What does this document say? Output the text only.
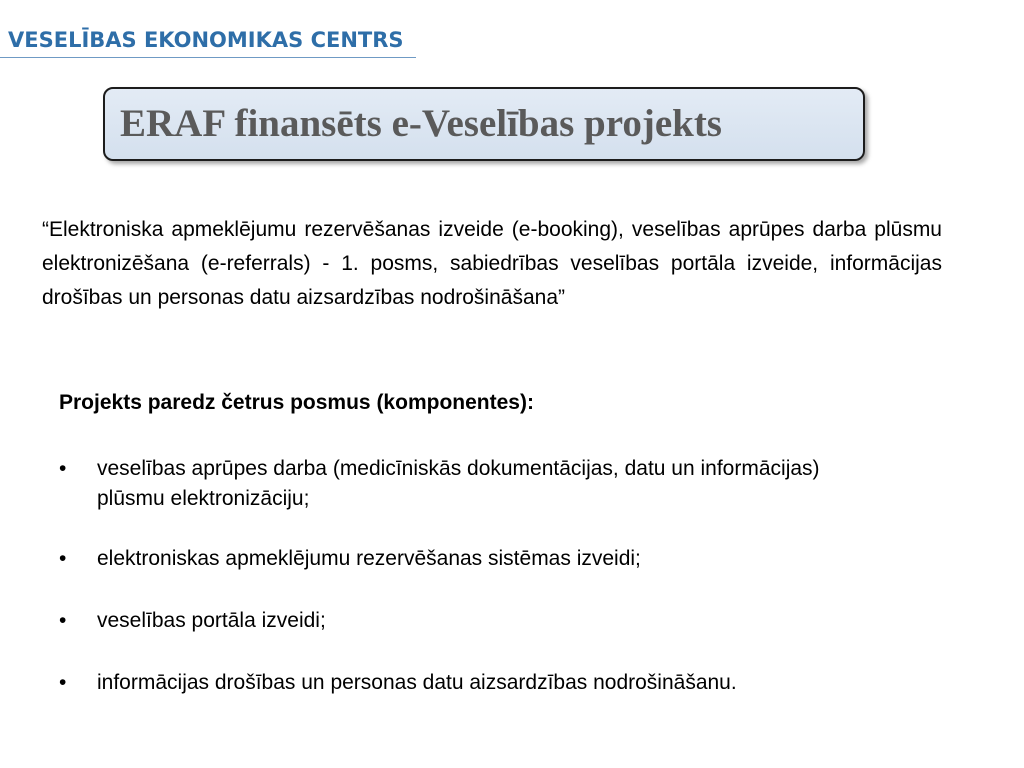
VESELĪBAS EKONOMIKAS CENTRS
ERAF finansēts e-Veselības projekts

“Elektroniska apmeklējumu rezervēšanas izveide (e-booking), veselības aprūpes darba plūsmu elektronizēšana (e-referrals) - 1. posms, sabiedrības veselības portāla izveide, informācijas drošības un personas datu aizsardzības nodrošināšana”

Projekts paredz četrus posmus (komponentes):

•	veselības aprūpes darba (medicīniskās dokumentācijas, datu un informācijas) plūsmu elektronizāciju;
•	elektroniskas apmeklējumu rezervēšanas sistēmas izveidi;
•	veselības portāla izveidi;
•	informācijas drošības un personas datu aizsardzības nodrošināšanu.
